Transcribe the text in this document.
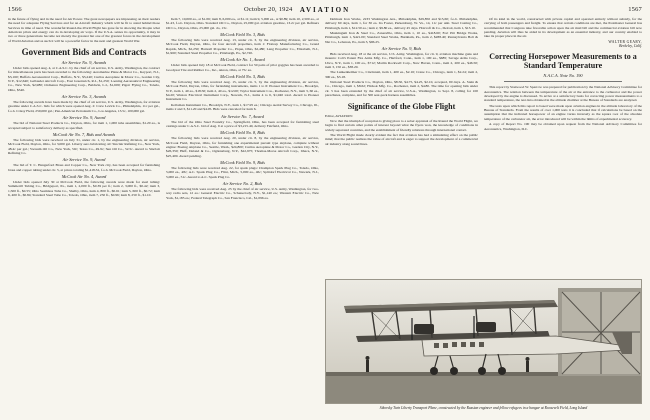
1566	October 20, 1924	AVIATION	1567

in the future of flying and in the need for Air Power. The great newspapers are impressing on their readers the need for adequate Flying Services and for an Aircraft Industry which will be fit to stand behind those Services in time of need. The wonderful Round-the-World Flight has gone far in showing the People what American pilots and energy can do in developing air ways. If the U.S.A. seizes its opportunity, it may in two or three generations become not merely the greatest but one of the greatest forces in the development of World Aviation and as such it will be a powerful factor in the next and greatest World War.

Government Bids and Contracts
Air Service No. 9, Awards

Under bids opened Aug. 4, at C.A.S.C. by the chief of air service, U.S. Army, Washington, the contract for miscellaneous parts has been awarded to the following: Aeromarine Plane & Motor Co., Keyport, N.J., $3,160; Buffalo Aeronautical Corp., Buffalo, N.Y., $5,240; Curtiss Aeroplane & Motor Co., Garden City, N.Y., $12,640; Gallaudet Aircraft Corp., East Greenwich, R.I., $1,250; Loening Aeronautical Engineering Co., New York, $2,980; Ordnance Engineering Corp., Baldwin, L.I., $1,600; Pigott Flying Co., Toledo, Ohio, $540.

Air Service No. 3, Awards

The following awards have been made by the chief of air service, U.S. Army, Washington, for aviation gasoline under C.A.S.C. bids for which were opened Aug. 2: Crew Levick Co., Philadelphia, 11c per gal., f.o.b. Crissy Field, 250,000 gal.; Pan-American Petroleum Co., Los Angeles, 13.5c, 100,000 gal.

Air Service No. 9, Award

The bid of National Steel Products Co., Dayton, Ohio, for item 1, 1,000 tube assemblies, $1.20 ea., is accepted subject to satisfactory delivery as specified.

McCook Air No. 7, Bids and Awards

The following bids were received on July 31, under cir. 1, by the engineering division, air service, McCook Field, Dayton, Ohio, for 3,000 gal. Liberty aero lubricating oil: Sinclair Refining Co., New York, 48.4c per gal.; Vacuum Oil Co., New York, 50c; Texas Co., 49.9c; Sun Oil Co., 52.5c. Award to Sinclair Refining Co.

Air Service No. 9, Award

The bid of T. C. Hangerford Brass and Copper Co., New York city, has been accepted for furnishing brass and copper tubing under cir. 5, at prices totaling $1,418.32, f.o.b. McCook Field, Dayton, Ohio.

McCook Air No. 4, Award

Under bids opened July 30 at McCook Field, the following awards were made for steel tubing: Summerill Tubing Co., Bridgeport, Pa., item 1, 2,000 ft., $0.39 per ft.; item 2, 3,000 ft., $0.42; item 3, 1,500 ft., $0.55; Ohio Seamless Tube Co., Shelby, Ohio, item 4, 800 ft., $0.61; item 5, 600 ft., $0.72; item 6, 400 ft., $0.84; Standard Steel Tube Co., Toledo, Ohio, item 7, 250 ft., $0.96; item 8, 250 ft., $1.10.

Item 7, 10,000 ea., at $1.06; item 8, 6,000 ea., at $1.11; item 9, 5,000 ea., at $0.89; item 10, 2,500 ea., at $1.43, f.o.b. Dayton, Ohio. Standard Oil Co., Dayton, 25,000 gal. aviation gasoline, 13.2c per gal. Refiners Oil Co., Dayton, Ohio, 25,000 gal. do, 13c.

McCook Field No. 3, Bids

The following bids were received Aug. 13, under cir. 3, by the engineering division, air service, McCook Field, Dayton, Ohio, for four aircraft propellers, item 1: Flottorp Manufacturing Co., Grand Rapids, Mich., $2,250; Hartzell Propeller Co., Piqua, Ohio, $2,480; Lang Propeller Co., Elizabeth, N.J., $1,960; Standard Steel Propeller Co., Pittsburgh, Pa., $2,720.

McCook Air No. 1, Award

Under bids opened July 18 at McCook Field, contract for 50 pairs of pilot goggles has been awarded to Goodyear Tire and Rubber Co., Inc., Akron, Ohio, at 75c ea.

McCook Field No. 5, Bids

The following bids were received Aug. 15, under cir. 5, by the engineering division, air service, McCook Field, Dayton, Ohio, for furnishing instruments, items 1 to 6: Pioneer Instrument Co., Brooklyn, N.Y., item 1, 40 ea., $18.50; item 2, 40 ea., $12.00; Taylor Instrument Cos., Rochester, N.Y., item 3, 60 ea., $4.20; Weston Electrical Instrument Corp., Newark, N.J., items 4 to 6, $1,940 total. Award to Pioneer Instrument Co.

Kollsman Instrument Co., Brooklyn, N.Y., item 1, $17.95 ea.; Chicago Aerial Survey Co., Chicago, Ill., items 2 and 3, $11.20 and $4.05. Bids were canceled for item 6.

Air Service No. 7, Award

The bid of the Ohio Steel Foundry Co., Springfield, Ohio, has been accepted for furnishing steel castings under C.A.S.C. bid of Aug. 9 at a price of $3,215.40, delivery Fairfield, Ohio.

McCook Field No. 8, Bids

The following bids were received Aug. 20, under cir. 8, by the engineering division, air service, McCook Field, Dayton, Ohio, for furnishing one experimental pursuit type airplane, complete without engine: Boeing Airplane Co., Seattle, Wash., $24,800; Curtiss Aeroplane & Motor Co., Garden City, N.Y., $26,350; Huff, Daland & Co., Ogdensburg, N.Y., $22,975; Thomas-Morse Aircraft Corp., Ithaca, N.Y., $25,400. Award pending.

McCook Field No. 9, Bids

The following bids were received Aug. 22, for spark plugs: Champion Spark Plug Co., Toledo, Ohio, 5,000 ea., 48c; A.C. Spark Plug Co., Flint, Mich., 5,000 ea., 46c; Splitdorf Electrical Co., Newark, N.J., 5,000 ea., 51c. Award to A.C. Spark Plug Co.

Air Service No. 2, Bids

The following bids were received Aug. 25 by the chief of air service, U.S. Army, Washington, for two-way radio sets, 12 ea.: General Electric Co., Schenectady, N.Y., $1,140 ea.; Western Electric Co., New York, $1,185 ea.; Federal Telegraph Co., San Francisco, Cal., $1,096 ea.

Delmont Iron Works, 2233 Washington Ave., Philadelphia, $29,850 and $15,60; f.o.b. Philadelphia, delivery 60 days, item 1, for 30 ea. Ira Foster, Parkersburg, W. Va., 14, 11c per unit. Steel Casting Co., Pittsburgh, item 1, $12.50 ea.; item 2, $9.80 ea., delivery 45 days. Holcroft & Co., Detroit, item 1, $13.10.

Muskingum Iron & Steel Co., Zanesville, Ohio, item 1, 10 ea., $418.60; Fort Pitt Bridge Works, Pittsburgh, item 1, $421.00; Standard Steel Works, Burnham, Pa., item 2, $288.40; Pennsylvania Bolt & Nut Co., Lebanon, Pa., item 3, $96.25.

Air Service No. 9, Bids

Bids received Aug. 18 at the air service, U.S. Army, Washington, for cir. 9, aviation machine guns and mounts: Colt's Patent Fire Arms Mfg. Co., Hartford, Conn., item 1, 100 ea., $685; Savage Arms Corp., Utica, N.Y., item 1, 100 ea., $712; Marlin Rockwell Corp., New Haven, Conn., item 2, 200 ea., $46.50; item 3, 150 ea., $38.20.

The Lunkenheimer Co., Cincinnati, item 1, 400 ea., $2.16; Crane Co., Chicago, item 1, $2.24; item 2, 300 ea., $3.18.

National Steel Products Co., Dayton, Ohio, $8.50, $4.75, $4.25, $2.10, accepted, 90 days. A. Stein & Co., Chicago, item 1, $8.62; Hickok Mfg. Co., Rochester, item 2, $4.80. The time for opening bids under cir. 5 has been extended by the chief of air service, U.S.A., Washington, to Sept. 8, calling for 100 parachutes, complete, and for 500 seat-pack harness assemblies.

Significance of the Globe Flight

Editor, AVIATION:

Now that the triumph of reception is giving place to a sober appraisal of the Round the World Flight, we begin to find certain other points of interest beyond what the flyers won, the knowledge of conditions in widely separated countries, and the establishment of friendly relations through international contact.

The World Flight made clearly evident the fact that aviation has had a stimulating effect on the public mind; that the public realizes the value of aircraft and is eager to support the development of a commercial air industry along sound lines.

Of its kind in the world, constructed with private capital and operated entirely without subsidy, for the carrying of both passengers and freight. To ensure that certain conditions are met, the Postmaster General has recommended that Congress take favorable action upon the air mail bill and the commercial aviation bill now pending. Aviation will thus be aided in its development as an essential industry, and our country enabled to take its proper place in the air.

WALTER GEARY,
Berkeley, Calif.
Correcting Horsepower Measurements to a Standard Temperature
N.A.C.A. Note No. 190

This report by Stanwood W. Sparrow was prepared for publication by the National Advisory Committee for Aeronautics. The relation between the temperature of the air at the entrance to the carburetor and the power developed by the engine is discussed. To arrive at a satisfactory basis for correcting power measurements to a standard temperature, the test data obtained in the altitude chamber at the Bureau of Standards are analyzed.

The tests upon which this report is based were made upon aviation engines in the altitude laboratory of the Bureau of Standards. From the results of over 1,000 tests it is concluded that if calculations be based on the assumption that the indicated horsepower of an engine varies inversely as the square root of the absolute temperature of the carburetor air, the error introduced will be within the limits of experimental accuracy.

A copy of Report No. 190 may be obtained upon request from the National Advisory Committee for Aeronautics, Washington, D.C.

Sikorsky Twin Liberty Transport Plane, constructed by the Russian engineer and fellow refugees in a hangar at Roosevelt Field, Long Island
